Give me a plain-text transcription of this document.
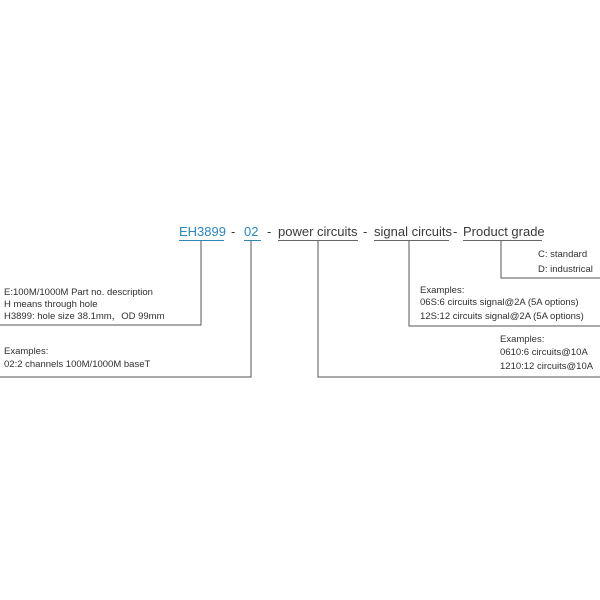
EH3899 - 02 - power circuits - signal circuits - Product grade
C: standard
D: industrical
E:100M/1000M Part no. description
H means through hole
H3899: hole size 38.1mm，OD 99mm
Examples:
02:2 channels 100M/1000M baseT
Examples:
06S:6 circuits signal@2A (5A options)
12S:12 circuits signal@2A (5A options)
Examples:
0610:6 circuits@10A
1210:12 circuits@10A
